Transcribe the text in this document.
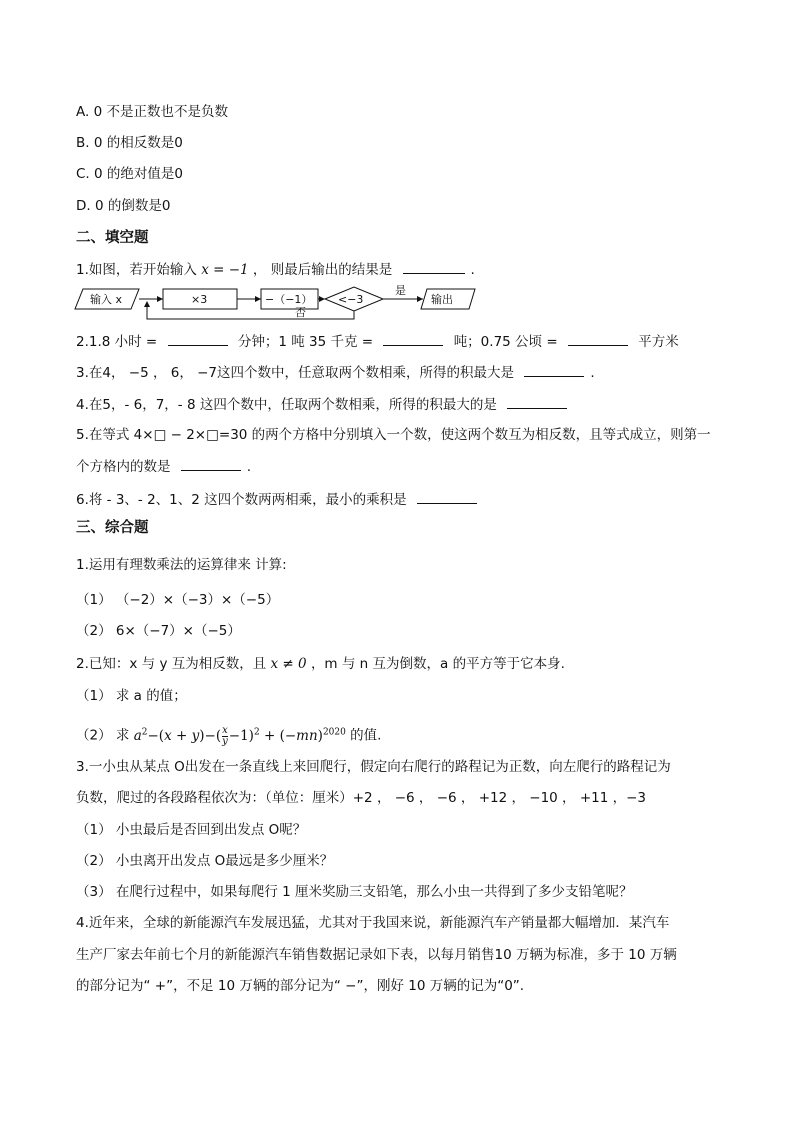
A. 0 不是正数也不是负数
B. 0 的相反数是0
C. 0 的绝对值是0
D. 0 的倒数是0
二、填空题
1.如图，若开始输入 x = −1 ， 则最后输出的结果是	.
输入 x	×3	−（−1） <−3
是
输出
否
2.1.8 小时 =	分钟；1 吨 35 千克 =	吨；0.75 公顷 =	平方米
3.在4， −5 ， 6， −7这四个数中，任意取两个数相乘，所得的积最大是	.
4.在5，- 6，7，- 8 这四个数中，任取两个数相乘，所得的积最大的是
5.在等式 4×□ − 2×□=30 的两个方格中分别填入一个数，使这两个数互为相反数，且等式成立，则第一
个方格内的数是	.
6.将 - 3、- 2、1、2 这四个数两两相乘，最小的乘积是
三、综合题
1.运用有理数乘法的运算律来 计算:
（1） （−2）×（−3）×（−5）
（2） 6×（−7）×（−5）
2.已知：x 与 y 互为相反数，且 x ≠ 0 ，m 与 n 互为倒数，a 的平方等于它本身.
（1） 求 a 的值；
（2） 求 $a^2-(x + y)-( \frac{x}{y} -1)^2 + (-mn)^{2020}$ 的值.
3.一小虫从某点 O出发在一条直线上来回爬行，假定向右爬行的路程记为正数，向左爬行的路程记为
负数，爬过的各段路程依次为：（单位：厘米）+2 ， −6 ， −6 ， +12 ， −10 ， +11 ，−3
（1） 小虫最后是否回到出发点 O呢？
（2） 小虫离开出发点 O最远是多少厘米？
（3） 在爬行过程中，如果每爬行 1 厘米奖励三支铅笔，那么小虫一共得到了多少支铅笔呢？
4.近年来，全球的新能源汽车发展迅猛，尤其对于我国来说，新能源汽车产销量都大幅增加．某汽车
生产厂家去年前七个月的新能源汽车销售数据记录如下表，以每月销售10 万辆为标准，多于 10 万辆
的部分记为“ +”，不足 10 万辆的部分记为“ −”，刚好 10 万辆的记为“0”.
